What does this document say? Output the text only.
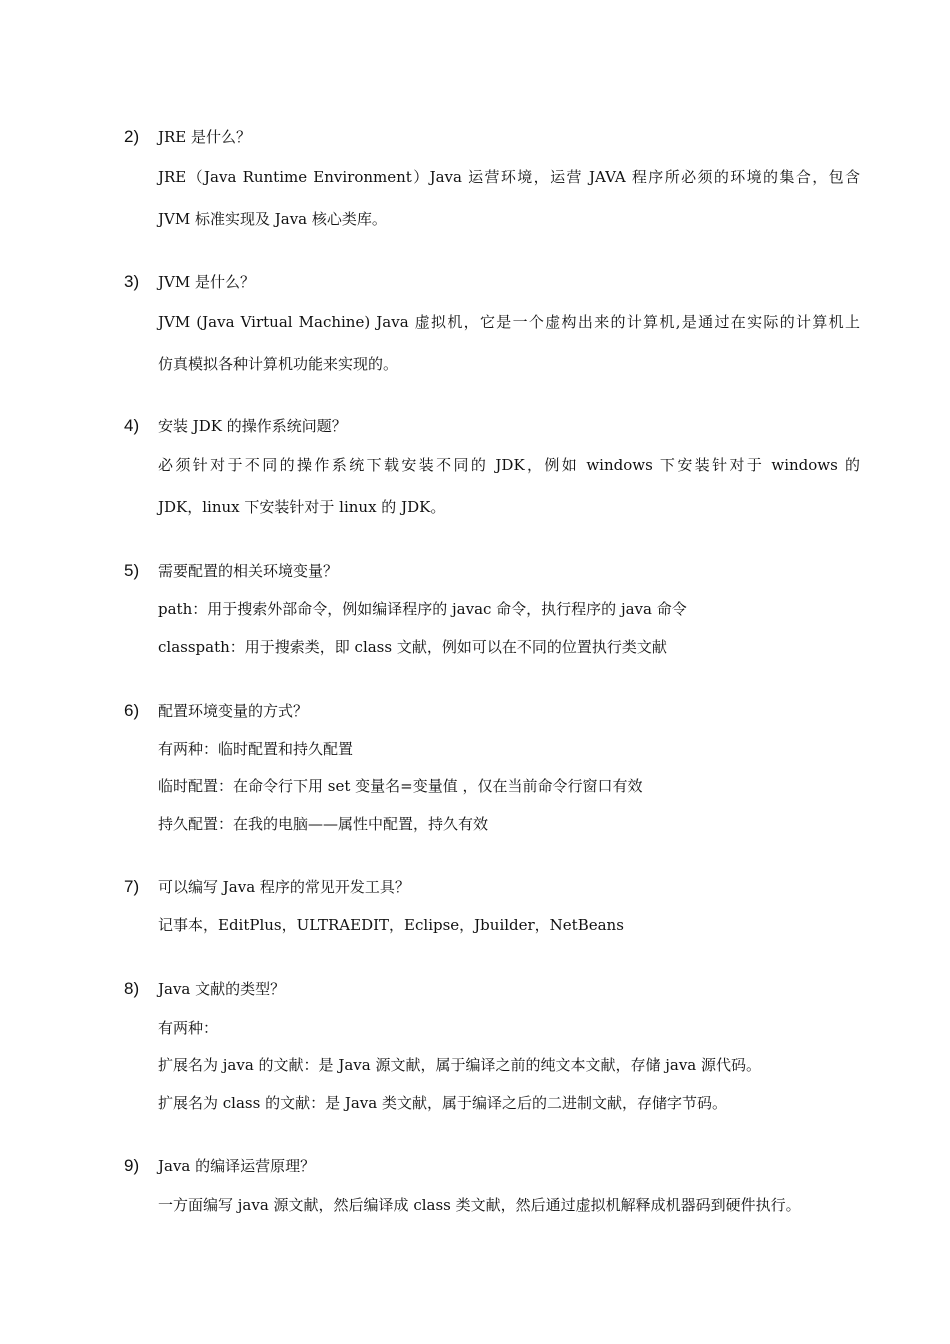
2) JRE 是什么？
JRE（Java Runtime Environment）Java 运营环境，运营 JAVA 程序所必须的环境的集合，包含
JVM 标准实现及 Java 核心类库。
3) JVM 是什么？
JVM (Java Virtual Machine) Java 虚拟机，它是一个虚构出来的计算机,是通过在实际的计算机上
仿真模拟各种计算机功能来实现的。
4) 安装 JDK 的操作系统问题？
必须针对于不同的操作系统下载安装不同的 JDK，例如 windows 下安装针对于 windows 的
JDK，linux 下安装针对于 linux 的 JDK。
5) 需要配置的相关环境变量？
path：用于搜索外部命令，例如编译程序的 javac 命令，执行程序的 java 命令
classpath：用于搜索类，即 class 文献，例如可以在不同的位置执行类文献
6) 配置环境变量的方式？
有两种：临时配置和持久配置
临时配置：在命令行下用 set 变量名=变量值 ，仅在当前命令行窗口有效
持久配置：在我的电脑——属性中配置，持久有效
7) 可以编写 Java 程序的常见开发工具？
记事本，EditPlus，ULTRAEDIT，Eclipse，Jbuilder，NetBeans
8) Java 文献的类型？
有两种：
扩展名为 java 的文献：是 Java 源文献，属于编译之前的纯文本文献，存储 java 源代码。
扩展名为 class 的文献：是 Java 类文献，属于编译之后的二进制文献，存储字节码。
9) Java 的编译运营原理？
一方面编写 java 源文献，然后编译成 class 类文献，然后通过虚拟机解释成机器码到硬件执行。
